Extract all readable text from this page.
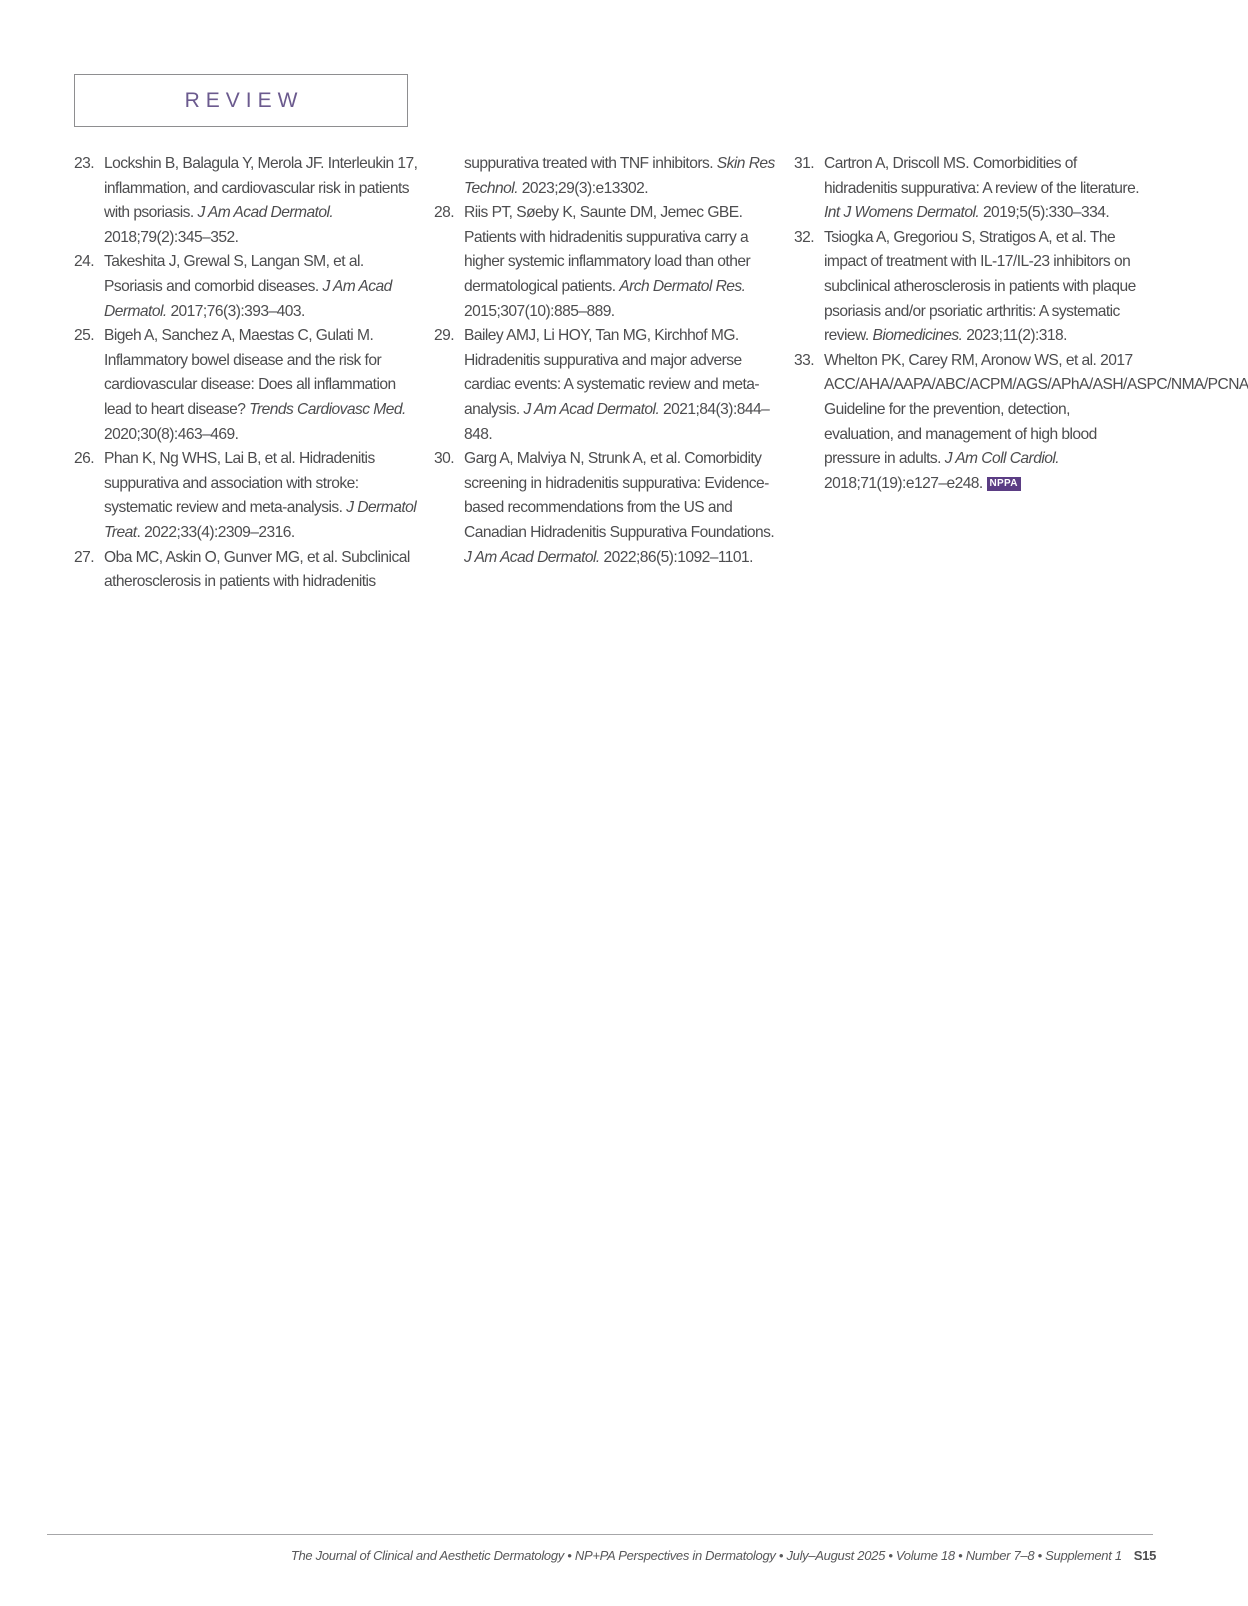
REVIEW
23. Lockshin B, Balagula Y, Merola JF. Interleukin 17, inflammation, and cardiovascular risk in patients with psoriasis. J Am Acad Dermatol. 2018;79(2):345–352.
24. Takeshita J, Grewal S, Langan SM, et al. Psoriasis and comorbid diseases. J Am Acad Dermatol. 2017;76(3):393–403.
25. Bigeh A, Sanchez A, Maestas C, Gulati M. Inflammatory bowel disease and the risk for cardiovascular disease: Does all inflammation lead to heart disease? Trends Cardiovasc Med. 2020;30(8):463–469.
26. Phan K, Ng WHS, Lai B, et al. Hidradenitis suppurativa and association with stroke: systematic review and meta-analysis. J Dermatol Treat. 2022;33(4):2309–2316.
27. Oba MC, Askin O, Gunver MG, et al. Subclinical atherosclerosis in patients with hidradenitis
suppurativa treated with TNF inhibitors. Skin Res Technol. 2023;29(3):e13302.
28. Riis PT, Søeby K, Saunte DM, Jemec GBE. Patients with hidradenitis suppurativa carry a higher systemic inflammatory load than other dermatological patients. Arch Dermatol Res. 2015;307(10):885–889.
29. Bailey AMJ, Li HOY, Tan MG, Kirchhof MG. Hidradenitis suppurativa and major adverse cardiac events: A systematic review and meta-analysis. J Am Acad Dermatol. 2021;84(3):844–848.
30. Garg A, Malviya N, Strunk A, et al. Comorbidity screening in hidradenitis suppurativa: Evidence-based recommendations from the US and Canadian Hidradenitis Suppurativa Foundations. J Am Acad Dermatol. 2022;86(5):1092–1101.
31. Cartron A, Driscoll MS. Comorbidities of hidradenitis suppurativa: A review of the literature. Int J Womens Dermatol. 2019;5(5):330–334.
32. Tsiogka A, Gregoriou S, Stratigos A, et al. The impact of treatment with IL-17/IL-23 inhibitors on subclinical atherosclerosis in patients with plaque psoriasis and/or psoriatic arthritis: A systematic review. Biomedicines. 2023;11(2):318.
33. Whelton PK, Carey RM, Aronow WS, et al. 2017 ACC/AHA/AAPA/ABC/ACPM/AGS/APhA/ASH/ASPC/NMA/PCNA Guideline for the prevention, detection, evaluation, and management of high blood pressure in adults. J Am Coll Cardiol. 2018;71(19):e127–e248. NPPA
The Journal of Clinical and Aesthetic Dermatology • NP+PA Perspectives in Dermatology • July–August 2025 • Volume 18 • Number 7–8 • Supplement 1 S15
